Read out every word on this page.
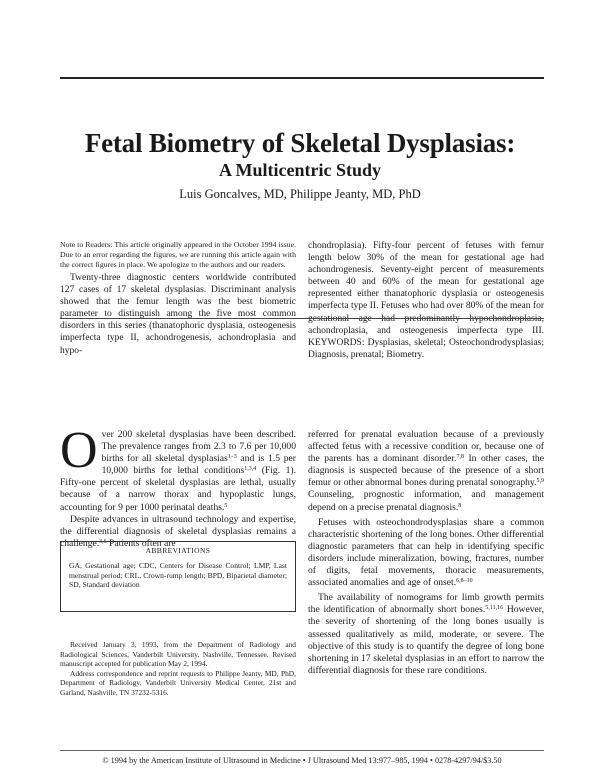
Fetal Biometry of Skeletal Dysplasias:
A Multicentric Study
Luis Goncalves, MD, Philippe Jeanty, MD, PhD

Note to Readers: This article originally appeared in the October 1994 issue. Due to an error regarding the figures, we are running this article again with the correct figures in place. We apologize to the authors and our readers.

Twenty-three diagnostic centers worldwide contributed 127 cases of 17 skeletal dysplasias. Discriminant analysis showed that the femur length was the best biometric parameter to distinguish among the five most common disorders in this series (thanatophoric dysplasia, osteogenesis imperfecta type II, achondrogenesis, achondroplasia and hypo-

chondroplasia). Fifty-four percent of fetuses with femur length below 30% of the mean for gestational age had achondrogenesis. Seventy-eight percent of measurements between 40 and 60% of the mean for gestational age represented either thanatophoric dysplasia or osteogenesis imperfecta type II. Fetuses who had over 80% of the mean for gestational age had predominantly hypochondroplasia, achondroplasia, and osteogenesis imperfecta type III. KEYWORDS: Dysplasias, skeletal; Osteochondrodysplasias; Diagnosis, prenatal; Biometry.

Over 200 skeletal dysplasias have been described. The prevalence ranges from 2.3 to 7.6 per 10,000 births for all skeletal dysplasias$^{1-3}$ and is 1.5 per 10,000 births for lethal conditions$^{1,3,4}$ (Fig. 1). Fifty-one percent of skeletal dysplasias are lethal, usually because of a narrow thorax and hypoplastic lungs, accounting for 9 per 1000 perinatal deaths.$^5$

Despite advances in ultrasound technology and expertise, the differential diagnosis of skeletal dysplasias remains a challenge.$^{3,6}$ Patients often are

ABBREVIATIONS
GA, Gestational age; CDC, Centers for Disease Control; LMP, Last menstrual period; CRL, Crown-rump length; BPD, Biparietal diameter; SD, Standard deviation

Received January 3, 1993, from the Department of Radiology and Radiological Sciences, Vanderbilt University, Nashville, Tennessee. Revised manuscript accepted for publication May 2, 1994.

Address correspondence and reprint requests to Philippe Jeanty, MD, PhD, Department of Radiology, Vanderbilt University Medical Center, 21st and Garland, Nashville, TN 37232-5316.

referred for prenatal evaluation because of a previously affected fetus with a recessive condition or, because one of the parents has a dominant disorder.$^{7,8}$ In other cases, the diagnosis is suspected because of the presence of a short femur or other abnormal bones during prenatal sonography.$^{5,9}$ Counseling, prognostic information, and management depend on a precise prenatal diagnosis.$^8$

Fetuses with osteochondrodysplasias share a common characteristic shortening of the long bones. Other differential diagnostic parameters that can help in identifying specific disorders include mineralization, bowing, fractures, number of digits, fetal movements, thoracic measurements, associated anomalies and age of onset.$^{6,8-10}$

The availability of nomograms for limb growth permits the identification of abnormally short bones.$^{5,11,16}$ However, the severity of shortening of the long bones usually is assessed qualitatively as mild, moderate, or severe. The objective of this study is to quantify the degree of long bone shortening in 17 skeletal dysplasias in an effort to narrow the differential diagnosis for these rare conditions.

© 1994 by the American Institute of Ultrasound in Medicine • J Ultrasound Med 13:977–985, 1994 • 0278-4297/94/$3.50
